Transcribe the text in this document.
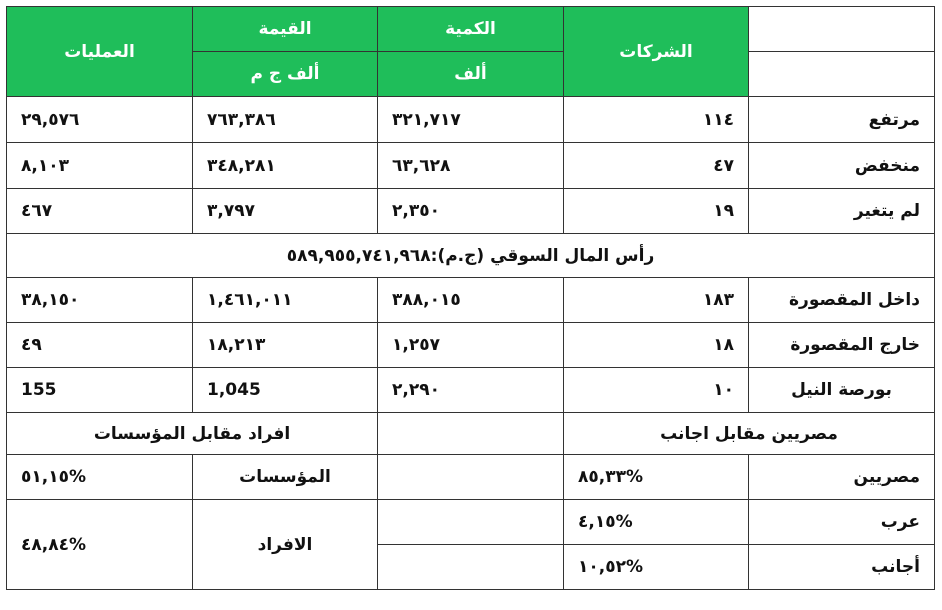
	الشركات	الكمية	القيمة	العمليات
		ألف	ألف ج م	
مرتفع	١١٤	٣٢١,٧١٧	٧٦٣,٣٨٦	٢٩,٥٧٦
منخفض	٤٧	٦٣,٦٢٨	٣٤٨,٢٨١	٨,١٠٣
لم يتغير	١٩	٢,٣٥٠	٣,٧٩٧	٤٦٧
رأس المال السوقي (ج.م):٥٨٩,٩٥٥,٧٤١,٩٦٨				
داخل المقصورة	١٨٣	٣٨٨,٠١٥	١,٤٦١,٠١١	٣٨,١٥٠
خارج المقصورة	١٨	١,٢٥٧	١٨,٢١٣	٤٩
بورصة النيل	١٠	٢,٢٩٠	1,045	155
مصريين مقابل اجانب			افراد مقابل المؤسسات	
مصريين	%٨٥,٣٣		المؤسسات	%٥١,١٥
عرب	%٤,١٥		الافراد	%٤٨,٨٤
أجانب	%١٠,٥٢			
